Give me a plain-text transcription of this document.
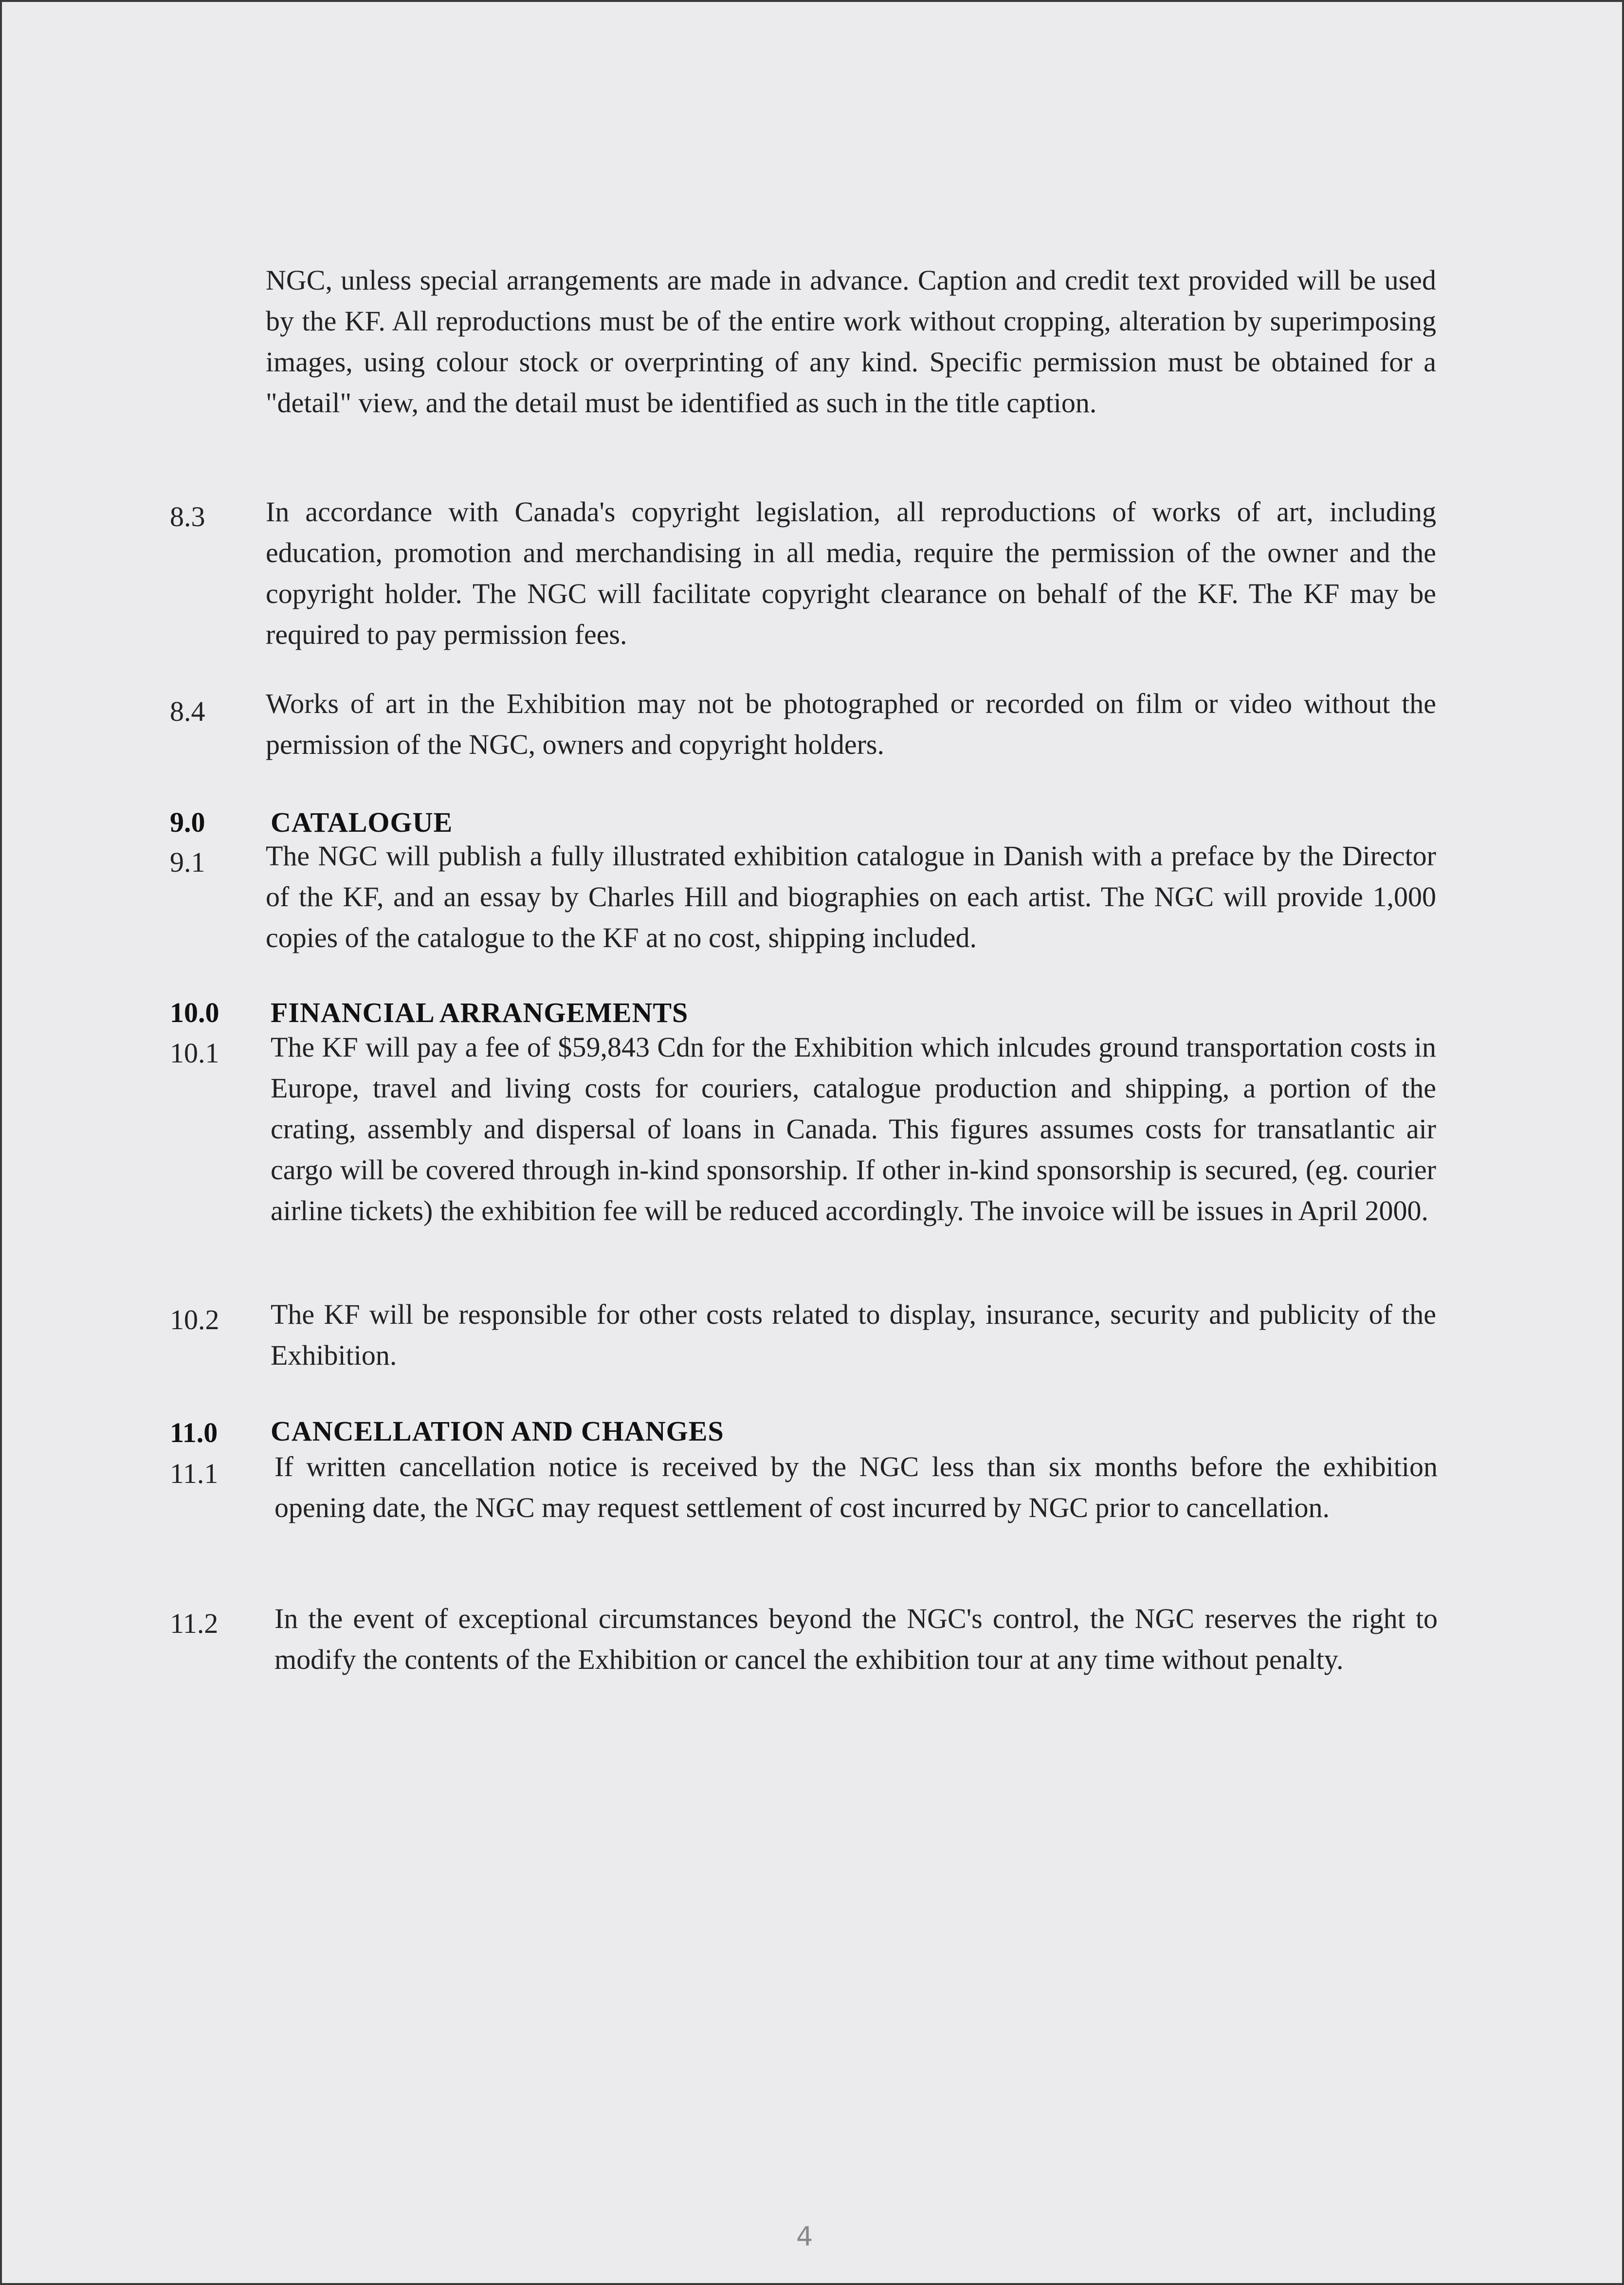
NGC, unless special arrangements are made in advance. Caption and credit text provided will be used by the KF. All reproductions must be of the entire work without cropping, alteration by superimposing images, using colour stock or overprinting of any kind. Specific permission must be obtained for a "detail" view, and the detail must be identified as such in the title caption.
8.3 In accordance with Canada's copyright legislation, all reproductions of works of art, including education, promotion and merchandising in all media, require the permission of the owner and the copyright holder. The NGC will facilitate copyright clearance on behalf of the KF. The KF may be required to pay permission fees.
8.4 Works of art in the Exhibition may not be photographed or recorded on film or video without the permission of the NGC, owners and copyright holders.
9.0 CATALOGUE
9.1 The NGC will publish a fully illustrated exhibition catalogue in Danish with a preface by the Director of the KF, and an essay by Charles Hill and biographies on each artist. The NGC will provide 1,000 copies of the catalogue to the KF at no cost, shipping included.
10.0 FINANCIAL ARRANGEMENTS
10.1 The KF will pay a fee of $59,843 Cdn for the Exhibition which inlcudes ground transportation costs in Europe, travel and living costs for couriers, catalogue production and shipping, a portion of the crating, assembly and dispersal of loans in Canada. This figures assumes costs for transatlantic air cargo will be covered through in-kind sponsorship. If other in-kind sponsorship is secured, (eg. courier airline tickets) the exhibition fee will be reduced accordingly. The invoice will be issues in April 2000.
10.2 The KF will be responsible for other costs related to display, insurance, security and publicity of the Exhibition.
11.0 CANCELLATION AND CHANGES
11.1 If written cancellation notice is received by the NGC less than six months before the exhibition opening date, the NGC may request settlement of cost incurred by NGC prior to cancellation.
11.2 In the event of exceptional circumstances beyond the NGC's control, the NGC reserves the right to modify the contents of the Exhibition or cancel the exhibition tour at any time without penalty.
4
